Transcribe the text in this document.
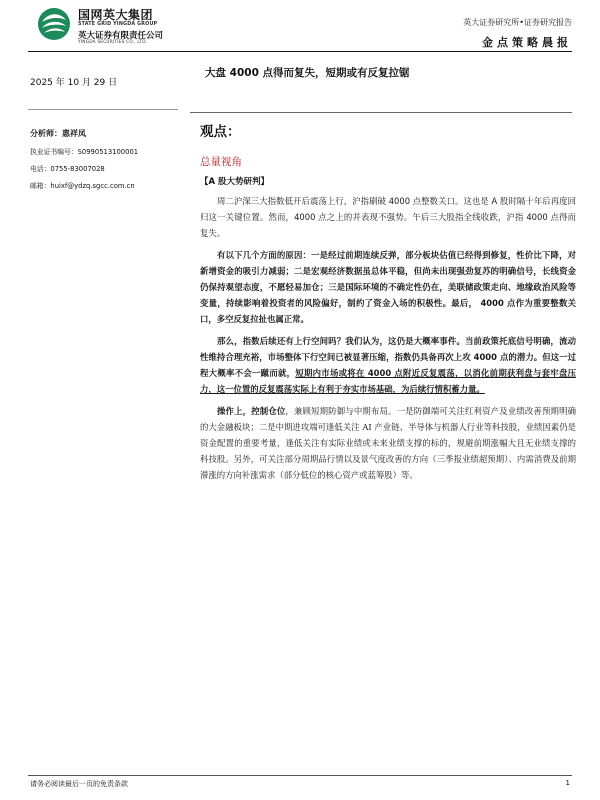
国网英大集团
STATE GRID YINGDA GROUP
英大证券有限责任公司
YINGDA SECURITIES CO., LTD.
英大证券研究所•证券研究报告
金点策略晨报
2025 年 10 月 29 日
大盘 4000 点得而复失，短期或有反复拉锯
分析师：惠祥凤
执业证书编号：S0990513100001
电话：0755-83007028
邮箱：huixf@ydzq.sgcc.com.cn
观点：
总量视角
【A 股大势研判】

周二沪深三大指数低开后震荡上行，沪指刷破 4000 点整数关口。这也是 A 股时隔十年后再度回归这一关键位置。然而，4000 点之上的并表现不强势。午后三大股指全线收跌，沪指 4000 点得而复失。

有以下几个方面的原因：一是经过前期连续反弹，部分板块估值已经得到修复，性价比下降，对新增资金的吸引力减弱；二是宏观经济数据虽总体平稳，但尚未出现强劲复苏的明确信号，长线资金仍保持观望态度，不愿轻易加仓；三是国际环境的不确定性仍在，美联储政策走向、地缘政治风险等变量，持续影响着投资者的风险偏好，制约了资金入场的积极性。最后， 4000 点作为重要整数关口，多空反复拉扯也属正常。

那么，指数后续还有上行空间吗？我们认为，这仍是大概率事件。当前政策托底信号明确，流动性维持合理充裕，市场整体下行空间已被显著压缩，指数仍具备再次上攻 4000 点的潜力。但这一过程大概率不会一蹴而就，短期内市场或将在 4000 点附近反复震荡，以消化前期获利盘与套牢盘压力，这一位置的反复震荡实际上有利于夯实市场基础，为后续行情积蓄力量。

操作上，控制仓位，兼顾短期防御与中期布局。一是防御端可关注红利资产及业绩改善预期明确的大金融板块；二是中期进攻端可逢低关注 AI 产业链、半导体与机器人行业等科技股，业绩因素仍是资金配置的重要考量，逢低关注有实际业绩或未来业绩支撑的标的，规避前期涨幅大且无业绩支撑的科技股。另外，可关注部分周期品行情以及景气度改善的方向（三季报业绩超预期）、内需消费及前期滞涨的方向补涨需求（部分低位的核心资产或蓝筹股）等。

请务必阅读最后一页的免责条款	1
